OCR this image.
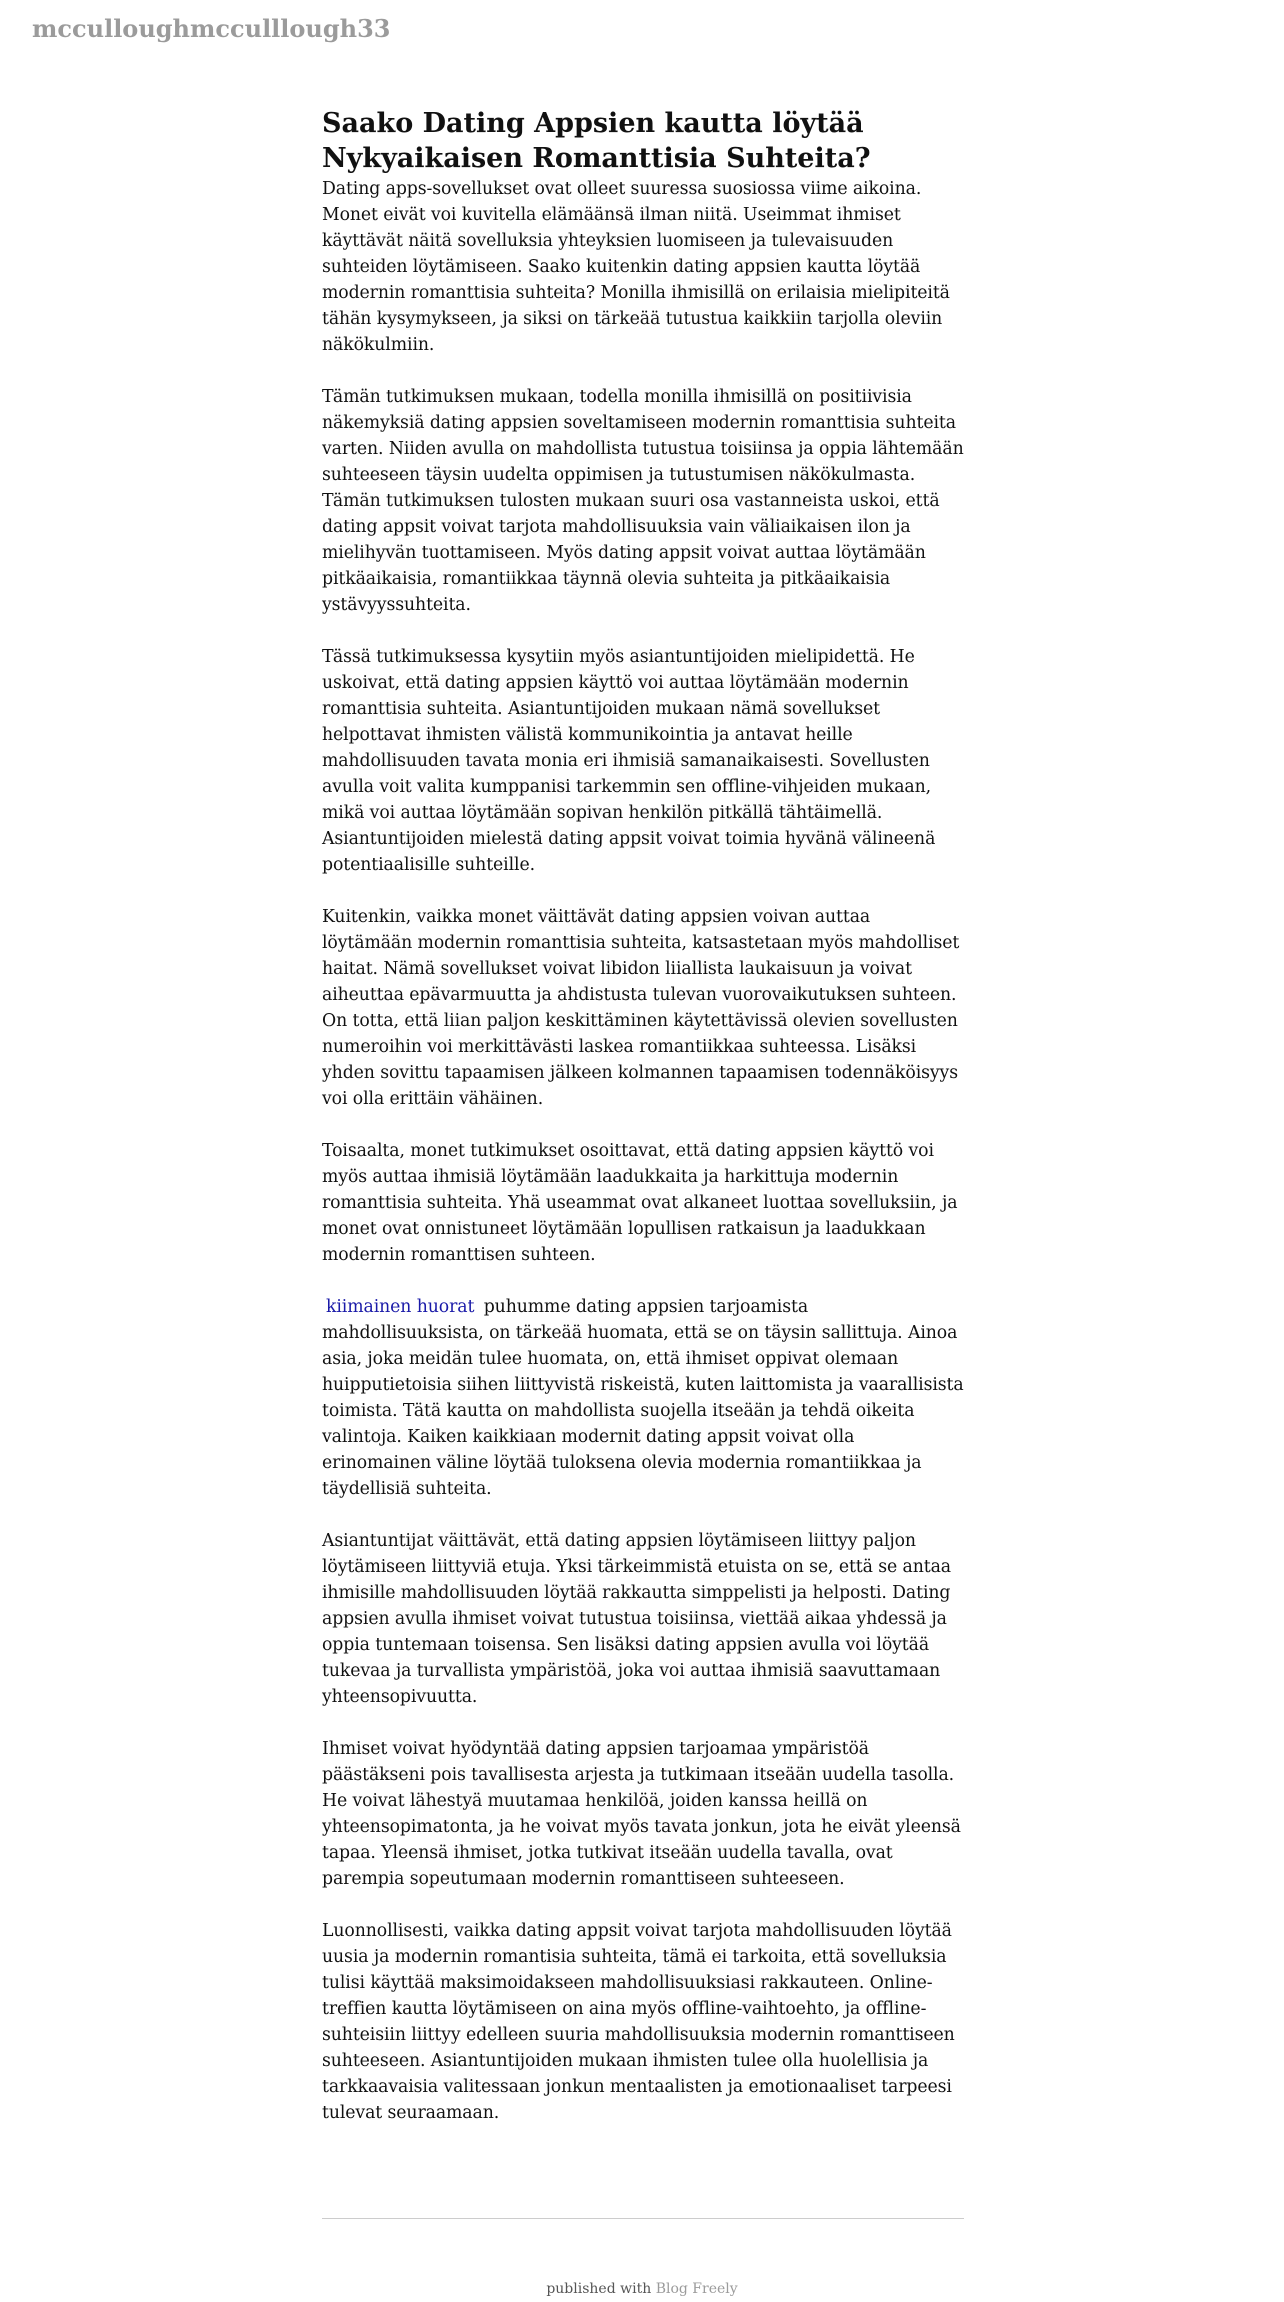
mcculloughmcculllough33
Saako Dating Appsien kautta löytää Nykyaikaisen Romanttisia Suhteita?

Dating apps-sovellukset ovat olleet suuressa suosiossa viime aikoina. Monet eivät voi kuvitella elämäänsä ilman niitä. Useimmat ihmiset käyttävät näitä sovelluksia yhteyksien luomiseen ja tulevaisuuden suhteiden löytämiseen. Saako kuitenkin dating appsien kautta löytää modernin romanttisia suhteita? Monilla ihmisillä on erilaisia mielipiteitä tähän kysymykseen, ja siksi on tärkeää tutustua kaikkiin tarjolla oleviin näkökulmiin.

Tämän tutkimuksen mukaan, todella monilla ihmisillä on positiivisia näkemyksiä dating appsien soveltamiseen modernin romanttisia suhteita varten. Niiden avulla on mahdollista tutustua toisiinsa ja oppia lähtemään suhteeseen täysin uudelta oppimisen ja tutustumisen näkökulmasta. Tämän tutkimuksen tulosten mukaan suuri osa vastanneista uskoi, että dating appsit voivat tarjota mahdollisuuksia vain väliaikaisen ilon ja mielihyvän tuottamiseen. Myös dating appsit voivat auttaa löytämään pitkäaikaisia, romantiikkaa täynnä olevia suhteita ja pitkäaikaisia ystävyyssuhteita.

Tässä tutkimuksessa kysytiin myös asiantuntijoiden mielipidettä. He uskoivat, että dating appsien käyttö voi auttaa löytämään modernin romanttisia suhteita. Asiantuntijoiden mukaan nämä sovellukset helpottavat ihmisten välistä kommunikointia ja antavat heille mahdollisuuden tavata monia eri ihmisiä samanaikaisesti. Sovellusten avulla voit valita kumppanisi tarkemmin sen offline-vihjeiden mukaan, mikä voi auttaa löytämään sopivan henkilön pitkällä tähtäimellä. Asiantuntijoiden mielestä dating appsit voivat toimia hyvänä välineenä potentiaalisille suhteille.

Kuitenkin, vaikka monet väittävät dating appsien voivan auttaa löytämään modernin romanttisia suhteita, katsastetaan myös mahdolliset haitat. Nämä sovellukset voivat libidon liiallista laukaisuun ja voivat aiheuttaa epävarmuutta ja ahdistusta tulevan vuorovaikutuksen suhteen. On totta, että liian paljon keskittäminen käytettävissä olevien sovellusten numeroihin voi merkittävästi laskea romantiikkaa suhteessa. Lisäksi yhden sovittu tapaamisen jälkeen kolmannen tapaamisen todennäköisyys voi olla erittäin vähäinen.

Toisaalta, monet tutkimukset osoittavat, että dating appsien käyttö voi myös auttaa ihmisiä löytämään laadukkaita ja harkittuja modernin romanttisia suhteita. Yhä useammat ovat alkaneet luottaa sovelluksiin, ja monet ovat onnistuneet löytämään lopullisen ratkaisun ja laadukkaan modernin romanttisen suhteen.

kiimainen huorat puhumme dating appsien tarjoamista mahdollisuuksista, on tärkeää huomata, että se on täysin sallittuja. Ainoa asia, joka meidän tulee huomata, on, että ihmiset oppivat olemaan huipputietoisia siihen liittyvistä riskeistä, kuten laittomista ja vaarallisista toimista. Tätä kautta on mahdollista suojella itseään ja tehdä oikeita valintoja. Kaiken kaikkiaan modernit dating appsit voivat olla erinomainen väline löytää tuloksena olevia modernia romantiikkaa ja täydellisiä suhteita.

Asiantuntijat väittävät, että dating appsien löytämiseen liittyy paljon löytämiseen liittyviä etuja. Yksi tärkeimmistä etuista on se, että se antaa ihmisille mahdollisuuden löytää rakkautta simppelisti ja helposti. Dating appsien avulla ihmiset voivat tutustua toisiinsa, viettää aikaa yhdessä ja oppia tuntemaan toisensa. Sen lisäksi dating appsien avulla voi löytää tukevaa ja turvallista ympäristöä, joka voi auttaa ihmisiä saavuttamaan yhteensopivuutta.

Ihmiset voivat hyödyntää dating appsien tarjoamaa ympäristöä päästäkseni pois tavallisesta arjesta ja tutkimaan itseään uudella tasolla. He voivat lähestyä muutamaa henkilöä, joiden kanssa heillä on yhteensopimatonta, ja he voivat myös tavata jonkun, jota he eivät yleensä tapaa. Yleensä ihmiset, jotka tutkivat itseään uudella tavalla, ovat parempia sopeutumaan modernin romanttiseen suhteeseen.

Luonnollisesti, vaikka dating appsit voivat tarjota mahdollisuuden löytää uusia ja modernin romantisia suhteita, tämä ei tarkoita, että sovelluksia tulisi käyttää maksimoidakseen mahdollisuuksiasi rakkauteen. Online-treffien kautta löytämiseen on aina myös offline-vaihtoehto, ja offline-suhteisiin liittyy edelleen suuria mahdollisuuksia modernin romanttiseen suhteeseen. Asiantuntijoiden mukaan ihmisten tulee olla huolellisia ja tarkkaavaisia valitessaan jonkun mentaalisten ja emotionaaliset tarpeesi tulevat seuraamaan.

published with Blog Freely
